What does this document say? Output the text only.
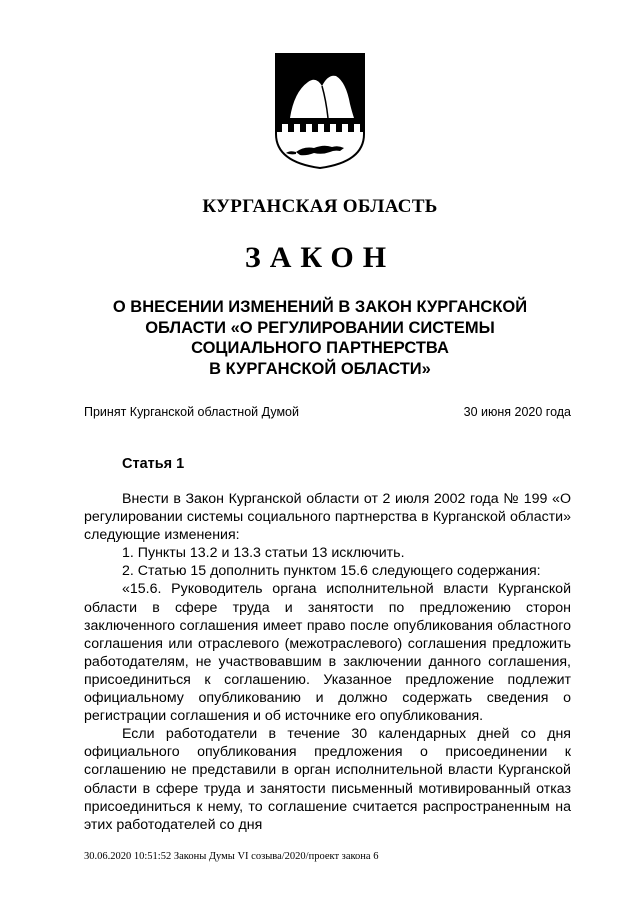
КУРГАНСКАЯ ОБЛАСТЬ
ЗАКОН
О ВНЕСЕНИИ ИЗМЕНЕНИЙ В ЗАКОН КУРГАНСКОЙ
ОБЛАСТИ «О РЕГУЛИРОВАНИИ СИСТЕМЫ
СОЦИАЛЬНОГО ПАРТНЕРСТВА
В КУРГАНСКОЙ ОБЛАСТИ»
Принят Курганской областной Думой	30 июня 2020 года
Статья 1

Внести в Закон Курганской области от 2 июля 2002 года № 199 «О регулировании системы социального партнерства в Курганской области» следующие изменения:

1. Пункты 13.2 и 13.3 статьи 13 исключить.

2. Статью 15 дополнить пунктом 15.6 следующего содержания:

«15.6. Руководитель органа исполнительной власти Курганской области в сфере труда и занятости по предложению сторон заключенного соглашения имеет право после опубликования областного соглашения или отраслевого (межотраслевого) соглашения предложить работодателям, не участвовавшим в заключении данного соглашения, присоединиться к соглашению. Указанное предложение подлежит официальному опубликованию и должно содержать сведения о регистрации соглашения и об источнике его опубликования.

Если работодатели в течение 30 календарных дней со дня официального опубликования предложения о присоединении к соглашению не представили в орган исполнительной власти Курганской области в сфере труда и занятости письменный мотивированный отказ присоединиться к нему, то соглашение считается распространенным на этих работодателей со дня

30.06.2020 10:51:52 Законы Думы VI созыва/2020/проект закона 6
